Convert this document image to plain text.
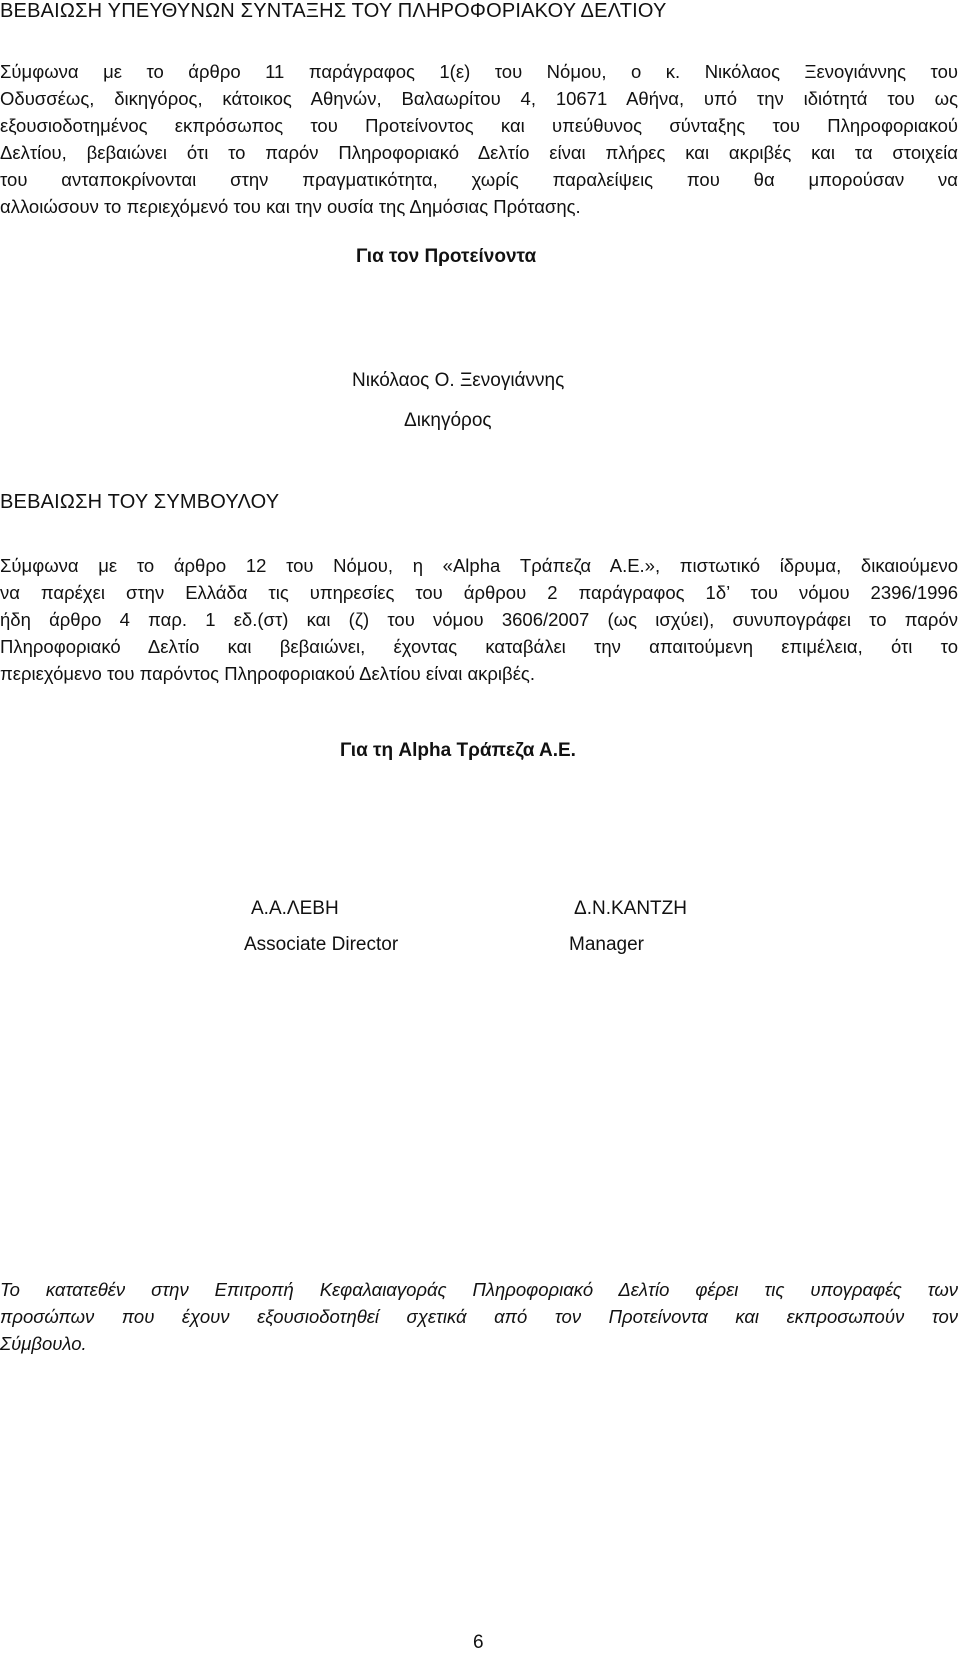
ΒΕΒΑΙΩΣΗ ΥΠΕΥΘΥΝΩΝ ΣΥΝΤΑΞΗΣ ΤΟΥ ΠΛΗΡΟΦΟΡΙΑΚΟΥ ΔΕΛΤΙΟΥ
Σύμφωνα με το άρθρο 11 παράγραφος 1(ε) του Νόμου, ο κ. Νικόλαος Ξενογιάννης του
Οδυσσέως, δικηγόρος, κάτοικος Αθηνών, Βαλαωρίτου 4, 10671 Αθήνα, υπό την ιδιότητά του ως
εξουσιοδοτημένος εκπρόσωπος του Προτείνοντος και υπεύθυνος σύνταξης του Πληροφοριακού
Δελτίου, βεβαιώνει ότι το παρόν Πληροφοριακό Δελτίο είναι πλήρες και ακριβές και τα στοιχεία
του ανταποκρίνονται στην πραγματικότητα, χωρίς παραλείψεις που θα μπορούσαν να
αλλοιώσουν το περιεχόμενό του και την ουσία της Δημόσιας Πρότασης.

Για τον Προτείνοντα

Νικόλαος Ο. Ξενογιάννης

Δικηγόρος

ΒΕΒΑΙΩΣΗ ΤΟΥ ΣΥΜΒΟΥΛΟΥ
Σύμφωνα με το άρθρο 12 του Νόμου, η «Alpha Τράπεζα Α.Ε.», πιστωτικό ίδρυμα, δικαιούμενο
να παρέχει στην Ελλάδα τις υπηρεσίες του άρθρου 2 παράγραφος 1δ’ του νόμου 2396/1996
ήδη άρθρο 4 παρ. 1 εδ.(στ) και (ζ) του νόμου 3606/2007 (ως ισχύει), συνυπογράφει το παρόν
Πληροφοριακό Δελτίο και βεβαιώνει, έχοντας καταβάλει την απαιτούμενη επιμέλεια, ότι το
περιεχόμενο του παρόντος Πληροφοριακού Δελτίου είναι ακριβές.

Για τη Alpha Τράπεζα Α.Ε.

Α.Α.ΛΕΒΗ

Associate Director

Δ.Ν.ΚΑΝΤΖΗ

Manager

Το κατατεθέν στην Επιτροπή Κεφαλαιαγοράς Πληροφοριακό Δελτίο φέρει τις υπογραφές των
προσώπων που έχουν εξουσιοδοτηθεί σχετικά από τον Προτείνοντα και εκπροσωπούν τον
Σύμβουλο.
6
